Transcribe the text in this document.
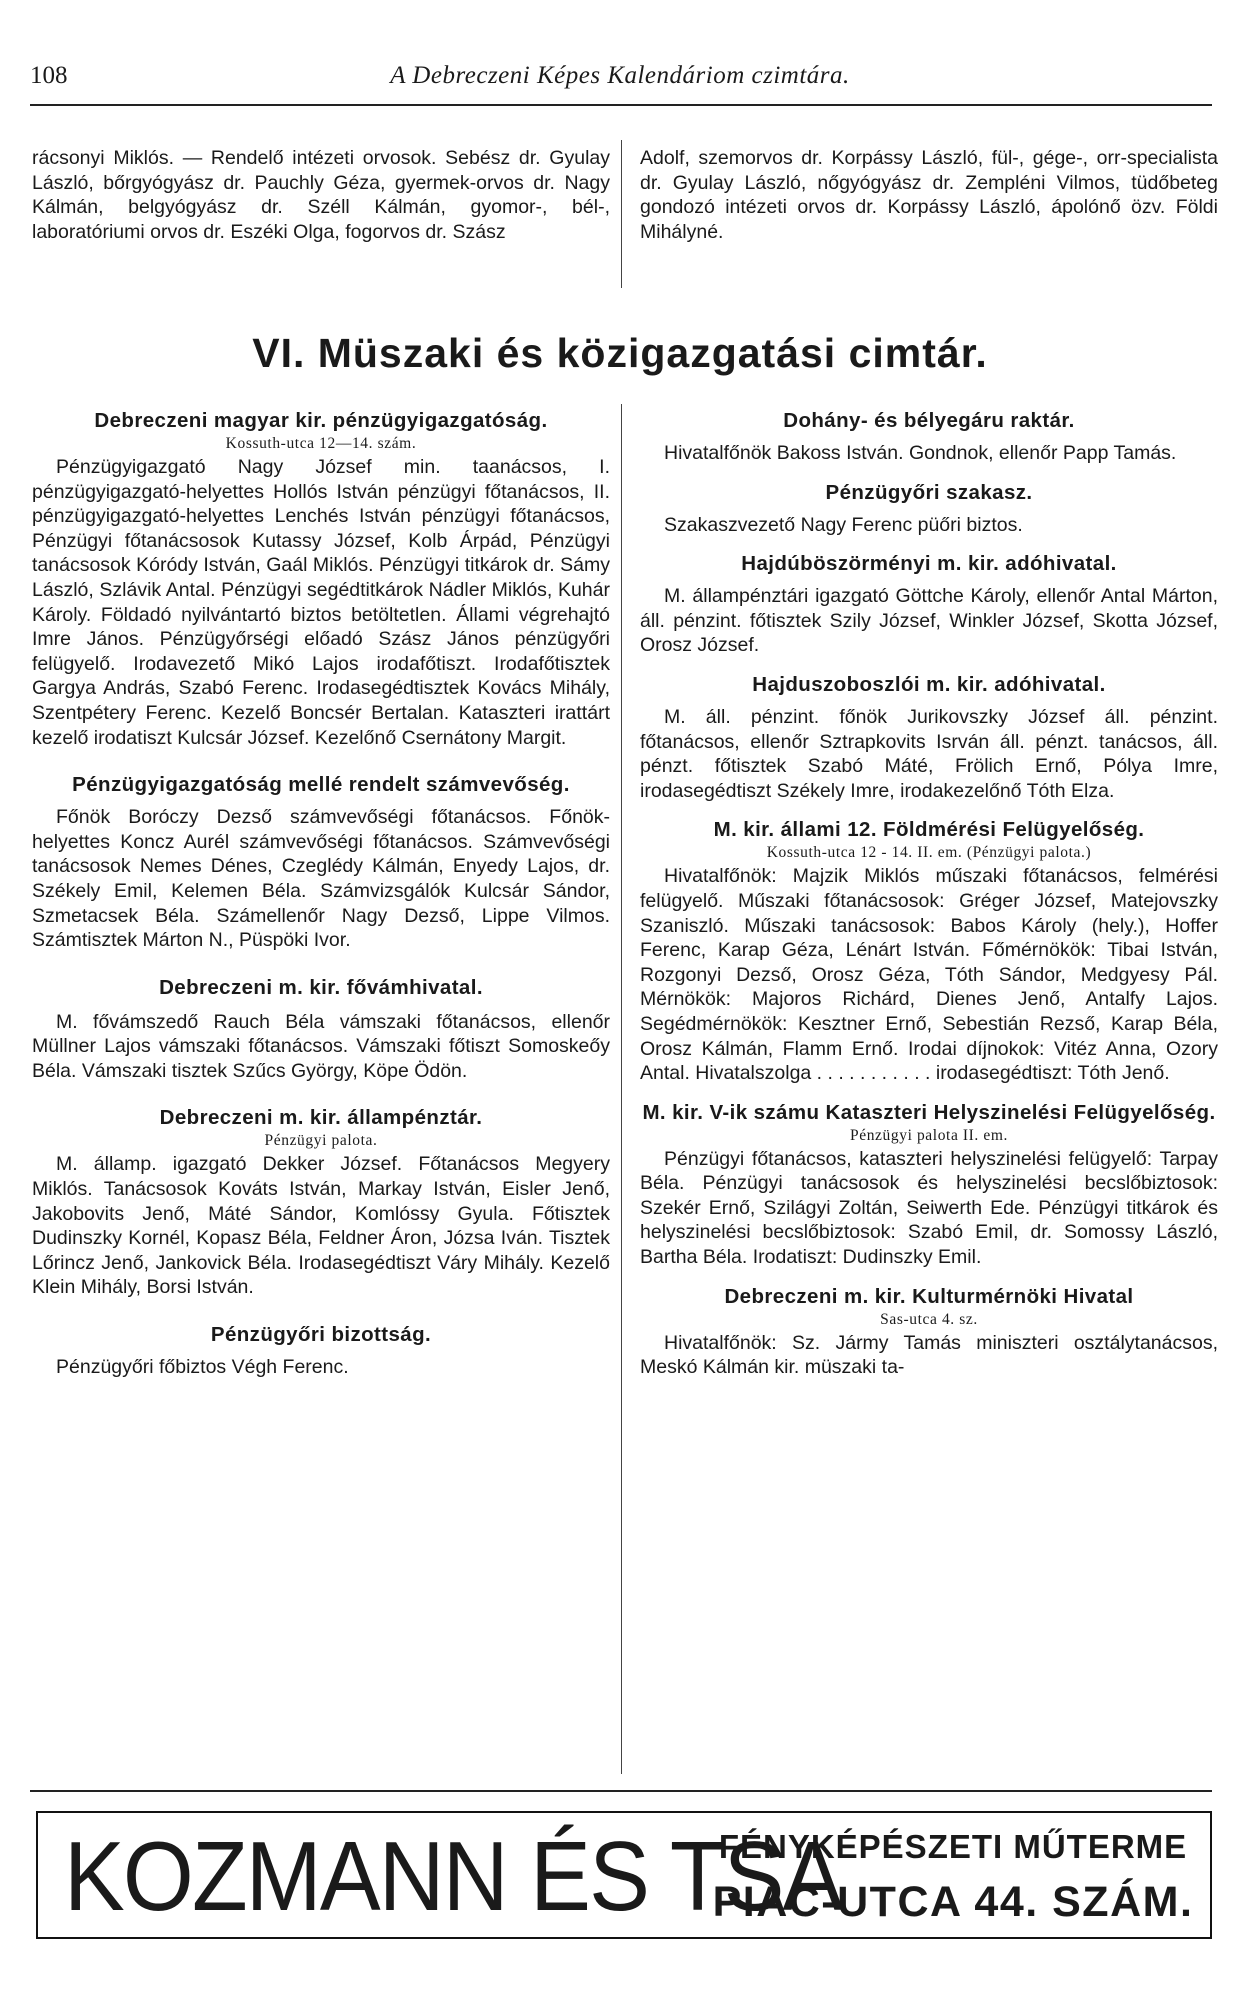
108	A Debreczeni Képes Kalendáriom czimtára.

rácsonyi Miklós. — Rendelő intézeti orvosok. Sebész dr. Gyulay László, bőrgyógyász dr. Pauchly Géza, gyermek-orvos dr. Nagy Kálmán, belgyógyász dr. Széll Kálmán, gyomor-, bél-, laboratóriumi orvos dr. Eszéki Olga, fogorvos dr. Szász

Adolf, szemorvos dr. Korpássy László, fül-, gége-, orr-specialista dr. Gyulay László, nőgyógyász dr. Zempléni Vilmos, tüdőbeteg gondozó intézeti orvos dr. Korpássy László, ápolónő özv. Földi Mihályné.

VI. Müszaki és közigazgatási cimtár.

Debreczeni magyar kir. pénzügyigazgatóság.

Kossuth-utca 12—14. szám.

Pénzügyigazgató Nagy József min. taanácsos, I. pénzügyigazgató-helyettes Hollós István pénzügyi főtanácsos, II. pénzügyigazgató-helyettes Lenchés István pénzügyi főtanácsos, Pénzügyi főtanácsosok Kutassy József, Kolb Árpád, Pénzügyi tanácsosok Kóródy István, Gaál Miklós. Pénzügyi titkárok dr. Sámy László, Szlávik Antal. Pénzügyi segédtitkárok Nádler Miklós, Kuhár Károly. Földadó nyilvántartó biztos betöltetlen. Állami végrehajtó Imre János. Pénzügyőrségi előadó Szász János pénzügyőri felügyelő. Irodavezető Mikó Lajos irodafőtiszt. Irodafőtisztek Gargya András, Szabó Ferenc. Irodasegédtisztek Kovács Mihály, Szentpétery Ferenc. Kezelő Boncsér Bertalan. Kataszteri irattárt kezelő irodatiszt Kulcsár József. Kezelőnő Csernátony Margit.

Pénzügyigazgatóság mellé rendelt számvevőség.

Főnök Boróczy Dezső számvevőségi főtanácsos. Főnök-helyettes Koncz Aurél számvevőségi főtanácsos. Számvevőségi tanácsosok Nemes Dénes, Czeglédy Kálmán, Enyedy Lajos, dr. Székely Emil, Kelemen Béla. Számvizsgálók Kulcsár Sándor, Szmetacsek Béla. Számellenőr Nagy Dezső, Lippe Vilmos. Számtisztek Márton N., Püspöki Ivor.

Debreczeni m. kir. fővámhivatal.

M. fővámszedő Rauch Béla vámszaki főtanácsos, ellenőr Müllner Lajos vámszaki főtanácsos. Vámszaki főtiszt Somoskeőy Béla. Vámszaki tisztek Szűcs György, Köpe Ödön.

Debreczeni m. kir. állampénztár.

Pénzügyi palota.

M. államp. igazgató Dekker József. Főtanácsos Megyery Miklós. Tanácsosok Kováts István, Markay István, Eisler Jenő, Jakobovits Jenő, Máté Sándor, Komlóssy Gyula. Főtisztek Dudinszky Kornél, Kopasz Béla, Feldner Áron, Józsa Iván. Tisztek Lőrincz Jenő, Jankovick Béla. Irodasegédtiszt Váry Mihály. Kezelő Klein Mihály, Borsi István.

Pénzügyőri bizottság.

Pénzügyőri főbiztos Végh Ferenc.

Dohány- és bélyegáru raktár.

Hivatalfőnök Bakoss István. Gondnok, ellenőr Papp Tamás.

Pénzügyőri szakasz.

Szakaszvezető Nagy Ferenc püőri biztos.

Hajdúböszörményi m. kir. adóhivatal.

M. állampénztári igazgató Göttche Károly, ellenőr Antal Márton, áll. pénzint. főtisztek Szily József, Winkler József, Skotta József, Orosz József.

Hajduszoboszlói m. kir. adóhivatal.

M. áll. pénzint. főnök Jurikovszky József áll. pénzint. főtanácsos, ellenőr Sztrapkovits Isrván áll. pénzt. tanácsos, áll. pénzt. főtisztek Szabó Máté, Frölich Ernő, Pólya Imre, irodasegédtiszt Székely Imre, irodakezelőnő Tóth Elza.

M. kir. állami 12. Földmérési Felügyelőség.

Kossuth-utca 12 - 14. II. em. (Pénzügyi palota.)

Hivatalfőnök: Majzik Miklós műszaki főtanácsos, felmérési felügyelő. Műszaki főtanácsosok: Gréger József, Matejovszky Szaniszló. Műszaki tanácsosok: Babos Károly (hely.), Hoffer Ferenc, Karap Géza, Lénárt István. Főmérnökök: Tibai István, Rozgonyi Dezső, Orosz Géza, Tóth Sándor, Medgyesy Pál. Mérnökök: Majoros Richárd, Dienes Jenő, Antalfy Lajos. Segédmérnökök: Kesztner Ernő, Sebestián Rezső, Karap Béla, Orosz Kálmán, Flamm Ernő. Irodai díjnokok: Vitéz Anna, Ozory Antal. Hivatalszolga . . . . . . . . . . . irodasegédtiszt: Tóth Jenő.

M. kir. V-ik számu Kataszteri Helyszinelési Felügyelőség.

Pénzügyi palota II. em.

Pénzügyi főtanácsos, kataszteri helyszinelési felügyelő: Tarpay Béla. Pénzügyi tanácsosok és helyszinelési becslőbiztosok: Szekér Ernő, Szilágyi Zoltán, Seiwerth Ede. Pénzügyi titkárok és helyszinelési becslőbiztosok: Szabó Emil, dr. Somossy László, Bartha Béla. Irodatiszt: Dudinszky Emil.

Debreczeni m. kir. Kulturmérnöki Hivatal

Sas-utca 4. sz.

Hivatalfőnök: Sz. Jármy Tamás miniszteri osztálytanácsos, Meskó Kálmán kir. müszaki ta-

KOZMANN ÉS TSA
FÉNYKÉPÉSZETI MŰTERME
PIAC-UTCA 44. SZÁM.
